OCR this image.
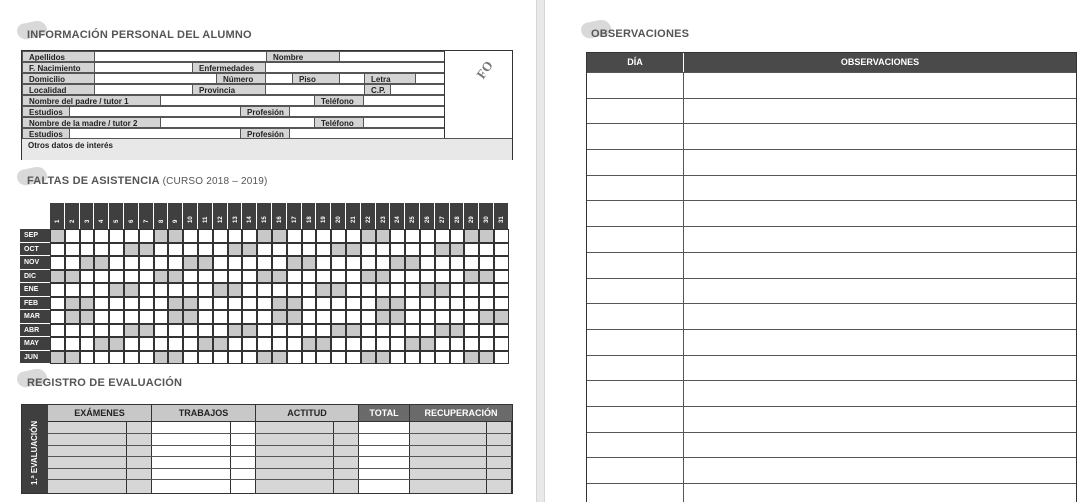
INFORMACIÓN PERSONAL DEL ALUMNO
Apellidos	Nombre
F. Nacimiento	Enfermedades
Domicilio	Número	Piso	Letra
Localidad	Provincia	C.P.
Nombre del padre / tutor 1	Teléfono
Estudios	Profesión
Nombre de la madre / tutor 2	Teléfono
Estudios	Profesión
Otros datos de interés
FO
FALTAS DE ASISTENCIA (CURSO 2018 – 2019)
1 2 3 4 5 6 7 8 9 10 11 12 13 14 15 16 17 18 19 20 21 22 23 24 25 26 27 28 29 30 31
SEP
OCT
NOV
DIC
ENE
FEB
MAR
ABR
MAY
JUN
REGISTRO DE EVALUACIÓN
1.ª EVALUACIÓN
EXÁMENES	TRABAJOS	ACTITUD	TOTAL	RECUPERACIÓN
OBSERVACIONES
DÍA	OBSERVACIONES
